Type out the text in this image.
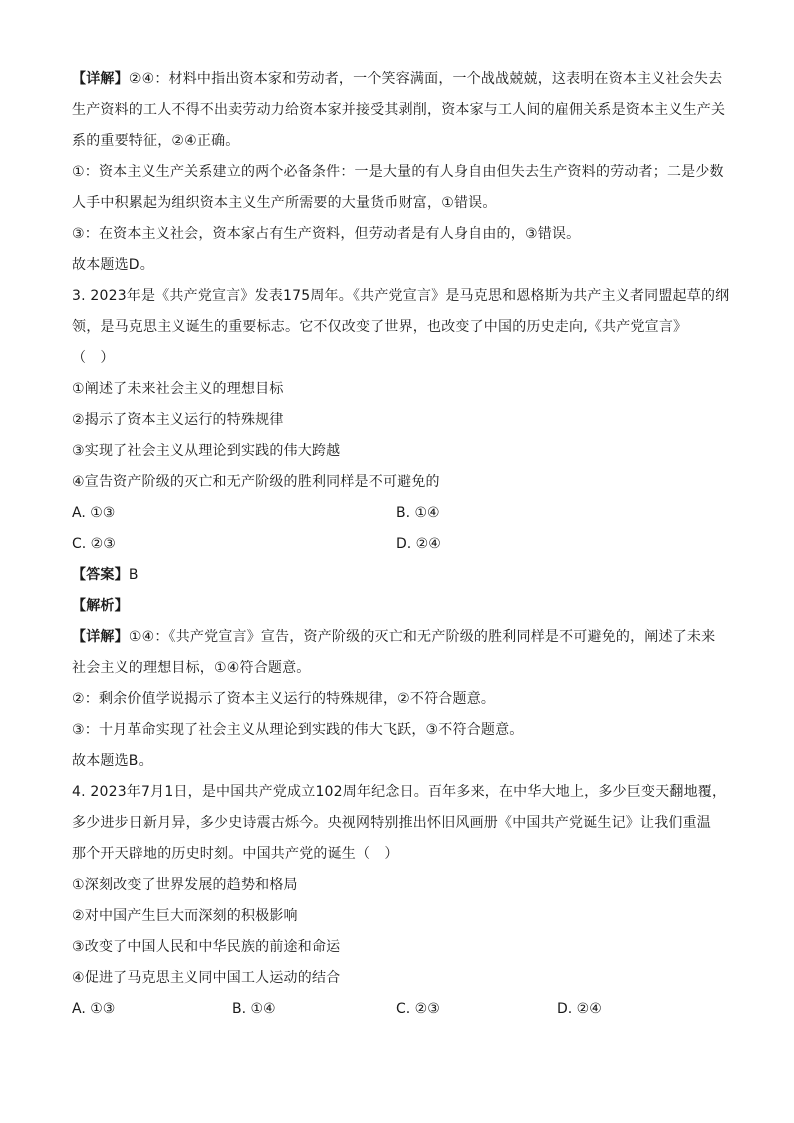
【详解】②④：材料中指出资本家和劳动者，一个笑容满面，一个战战兢兢，这表明在资本主义社会失去
生产资料的工人不得不出卖劳动力给资本家并接受其剥削，资本家与工人间的雇佣关系是资本主义生产关
系的重要特征，②④正确。
①：资本主义生产关系建立的两个必备条件：一是大量的有人身自由但失去生产资料的劳动者；二是少数
人手中积累起为组织资本主义生产所需要的大量货币财富，①错误。
③：在资本主义社会，资本家占有生产资料，但劳动者是有人身自由的，③错误。
故本题选D。
3. 2023年是《共产党宣言》发表175周年。《共产党宣言》是马克思和恩格斯为共产主义者同盟起草的纲
领，是马克思主义诞生的重要标志。它不仅改变了世界，也改变了中国的历史走向,《共产党宣言》
（　）
①阐述了未来社会主义的理想目标
②揭示了资本主义运行的特殊规律
③实现了社会主义从理论到实践的伟大跨越
④宣告资产阶级的灭亡和无产阶级的胜利同样是不可避免的
A. ①③	B. ①④
C. ②③	D. ②④
【答案】B
【解析】
【详解】①④：《共产党宣言》宣告，资产阶级的灭亡和无产阶级的胜利同样是不可避免的，阐述了未来
社会主义的理想目标，①④符合题意。
②：剩余价值学说揭示了资本主义运行的特殊规律，②不符合题意。
③：十月革命实现了社会主义从理论到实践的伟大飞跃，③不符合题意。
故本题选B。
4. 2023年7月1日，是中国共产党成立102周年纪念日。百年多来，在中华大地上，多少巨变天翻地覆，
多少进步日新月异，多少史诗震古烁今。央视网特别推出怀旧风画册《中国共产党诞生记》让我们重温
那个开天辟地的历史时刻。中国共产党的诞生（　）
①深刻改变了世界发展的趋势和格局
②对中国产生巨大而深刻的积极影响
③改变了中国人民和中华民族的前途和命运
④促进了马克思主义同中国工人运动的结合
A. ①③	B. ①④	C. ②③	D. ②④
